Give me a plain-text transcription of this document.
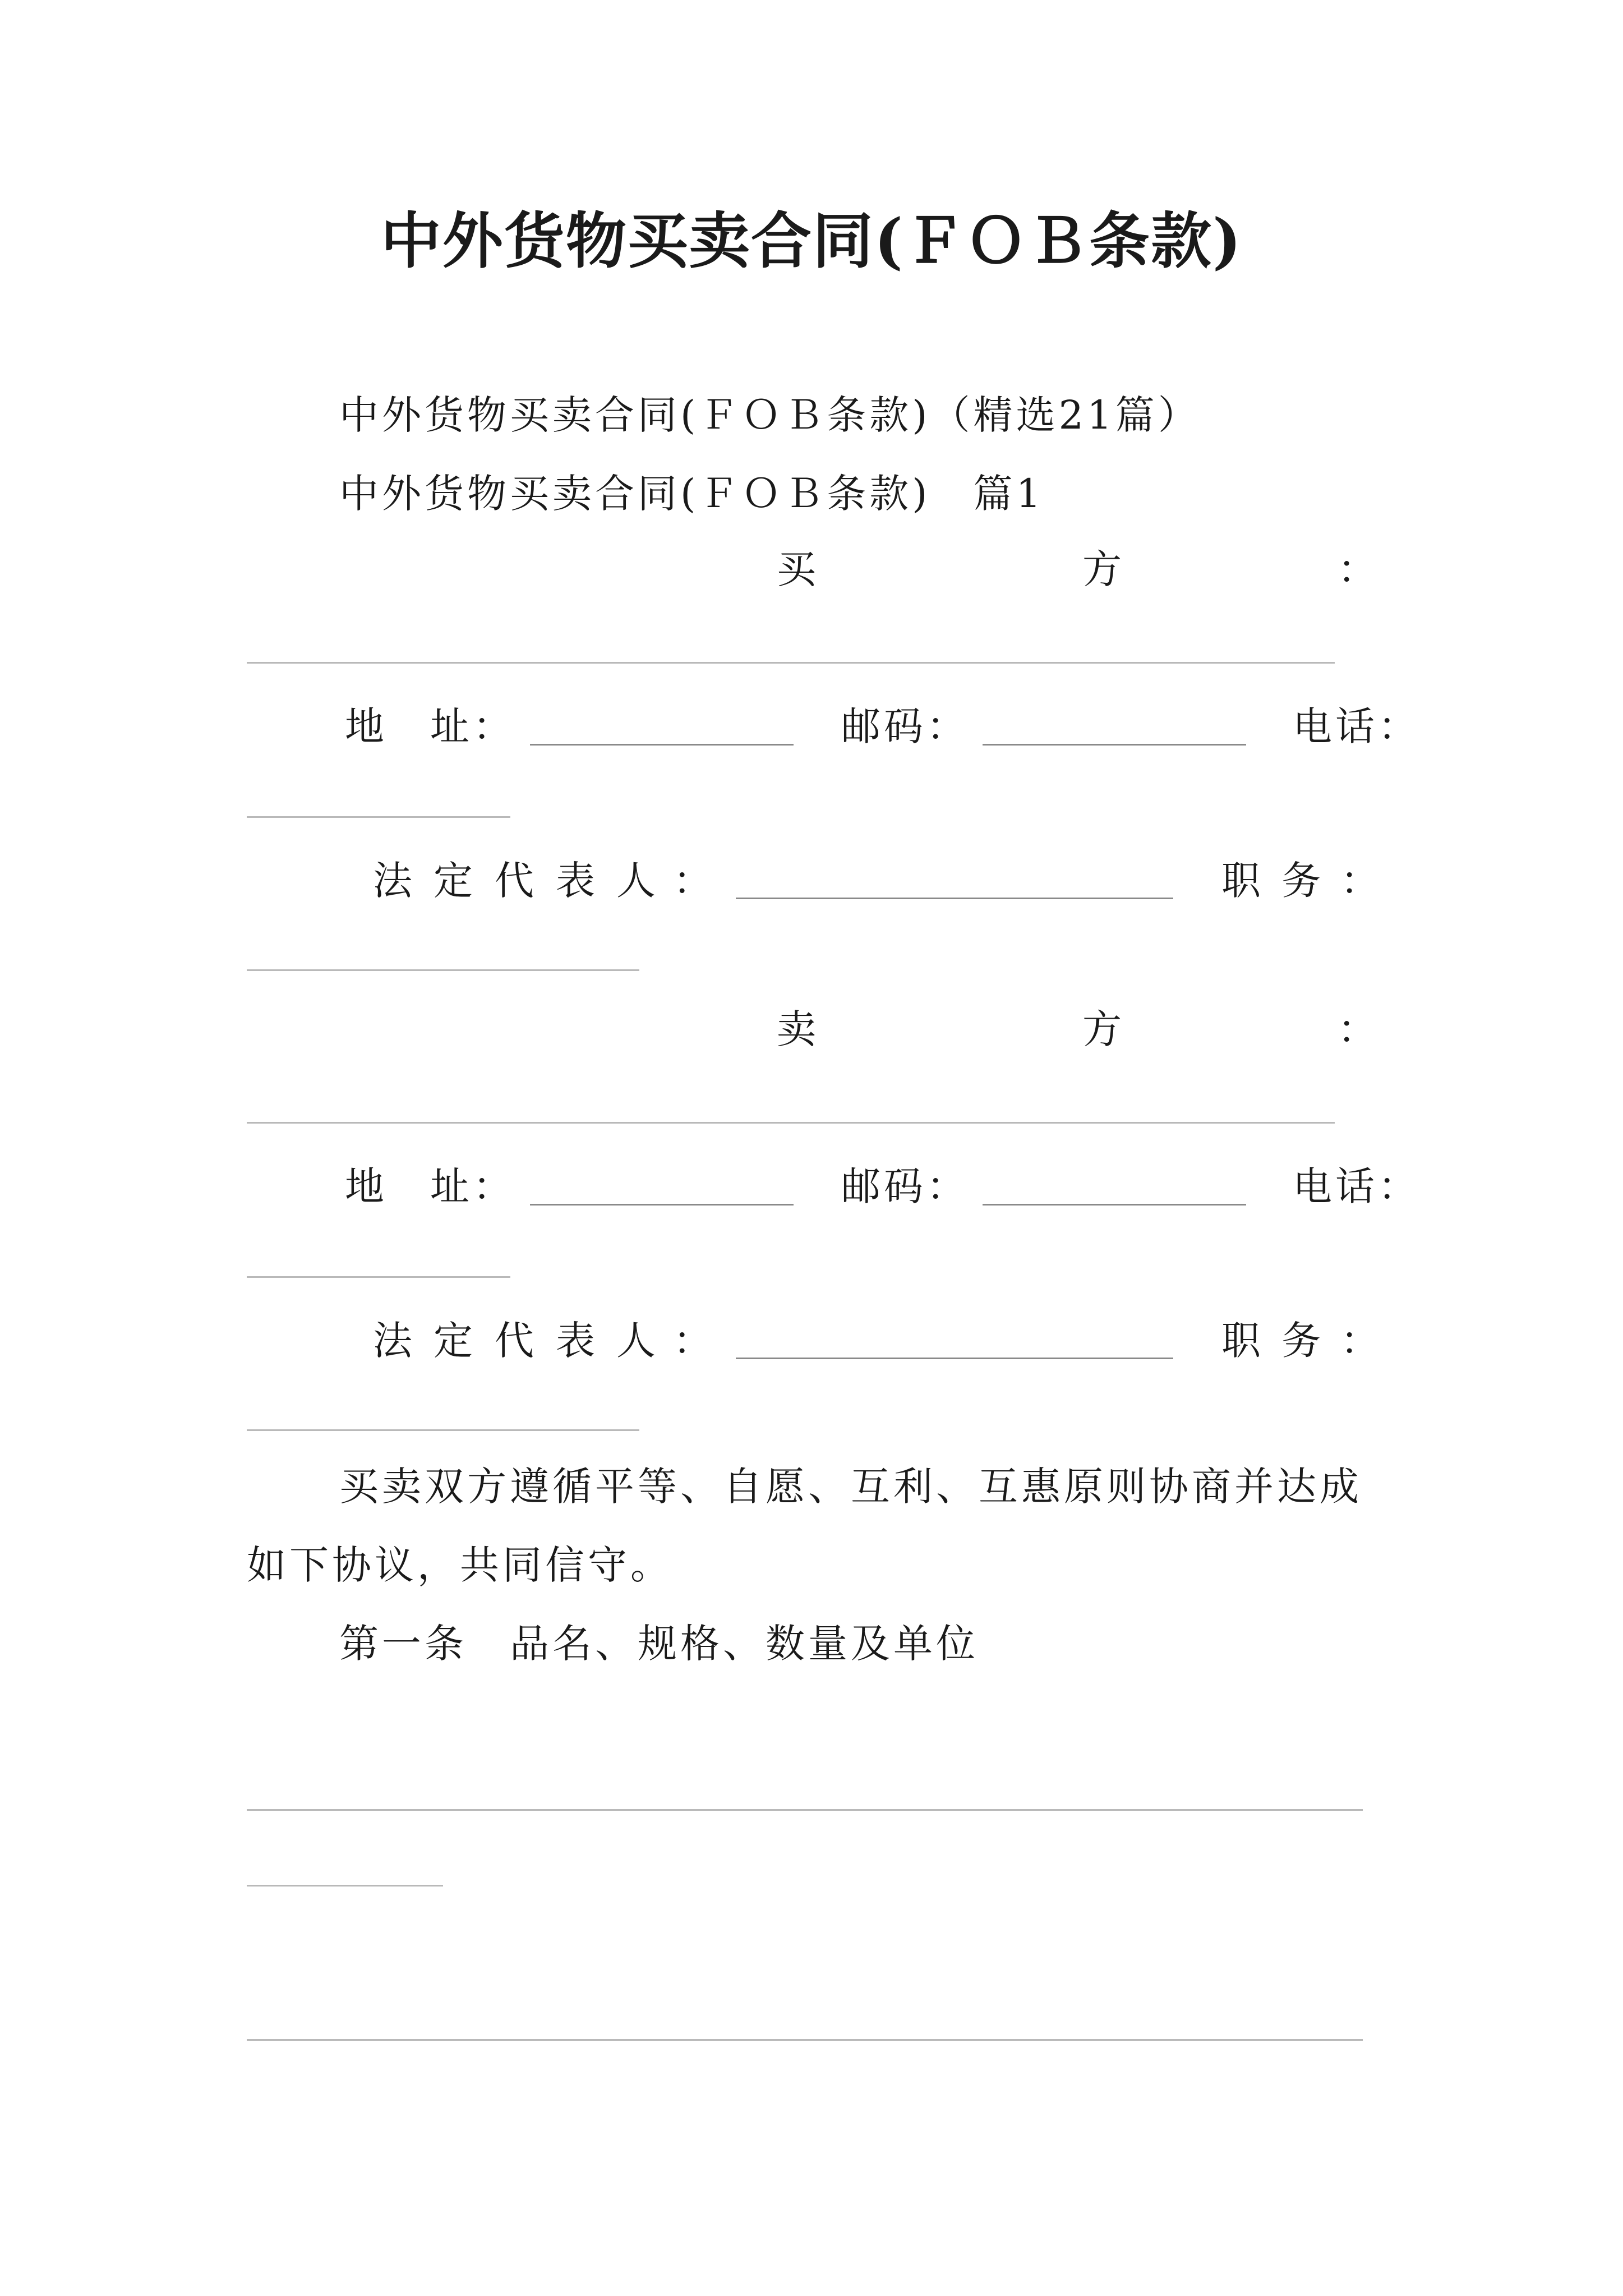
中外货物买卖合同(ＦＯＢ条款)
中外货物买卖合同(ＦＯＢ条款)（精选21篇）
中外货物买卖合同(ＦＯＢ条款)　篇1
买	方	：
地　址：	邮码：	电话：
法 定 代 表 人 ：	职 务 ：
卖	方	：
地　址：	邮码：	电话：
法 定 代 表 人 ：	职 务 ：
买卖双方遵循平等、自愿、互利、互惠原则协商并达成
如下协议，共同信守。
第一条　品名、规格、数量及单位
